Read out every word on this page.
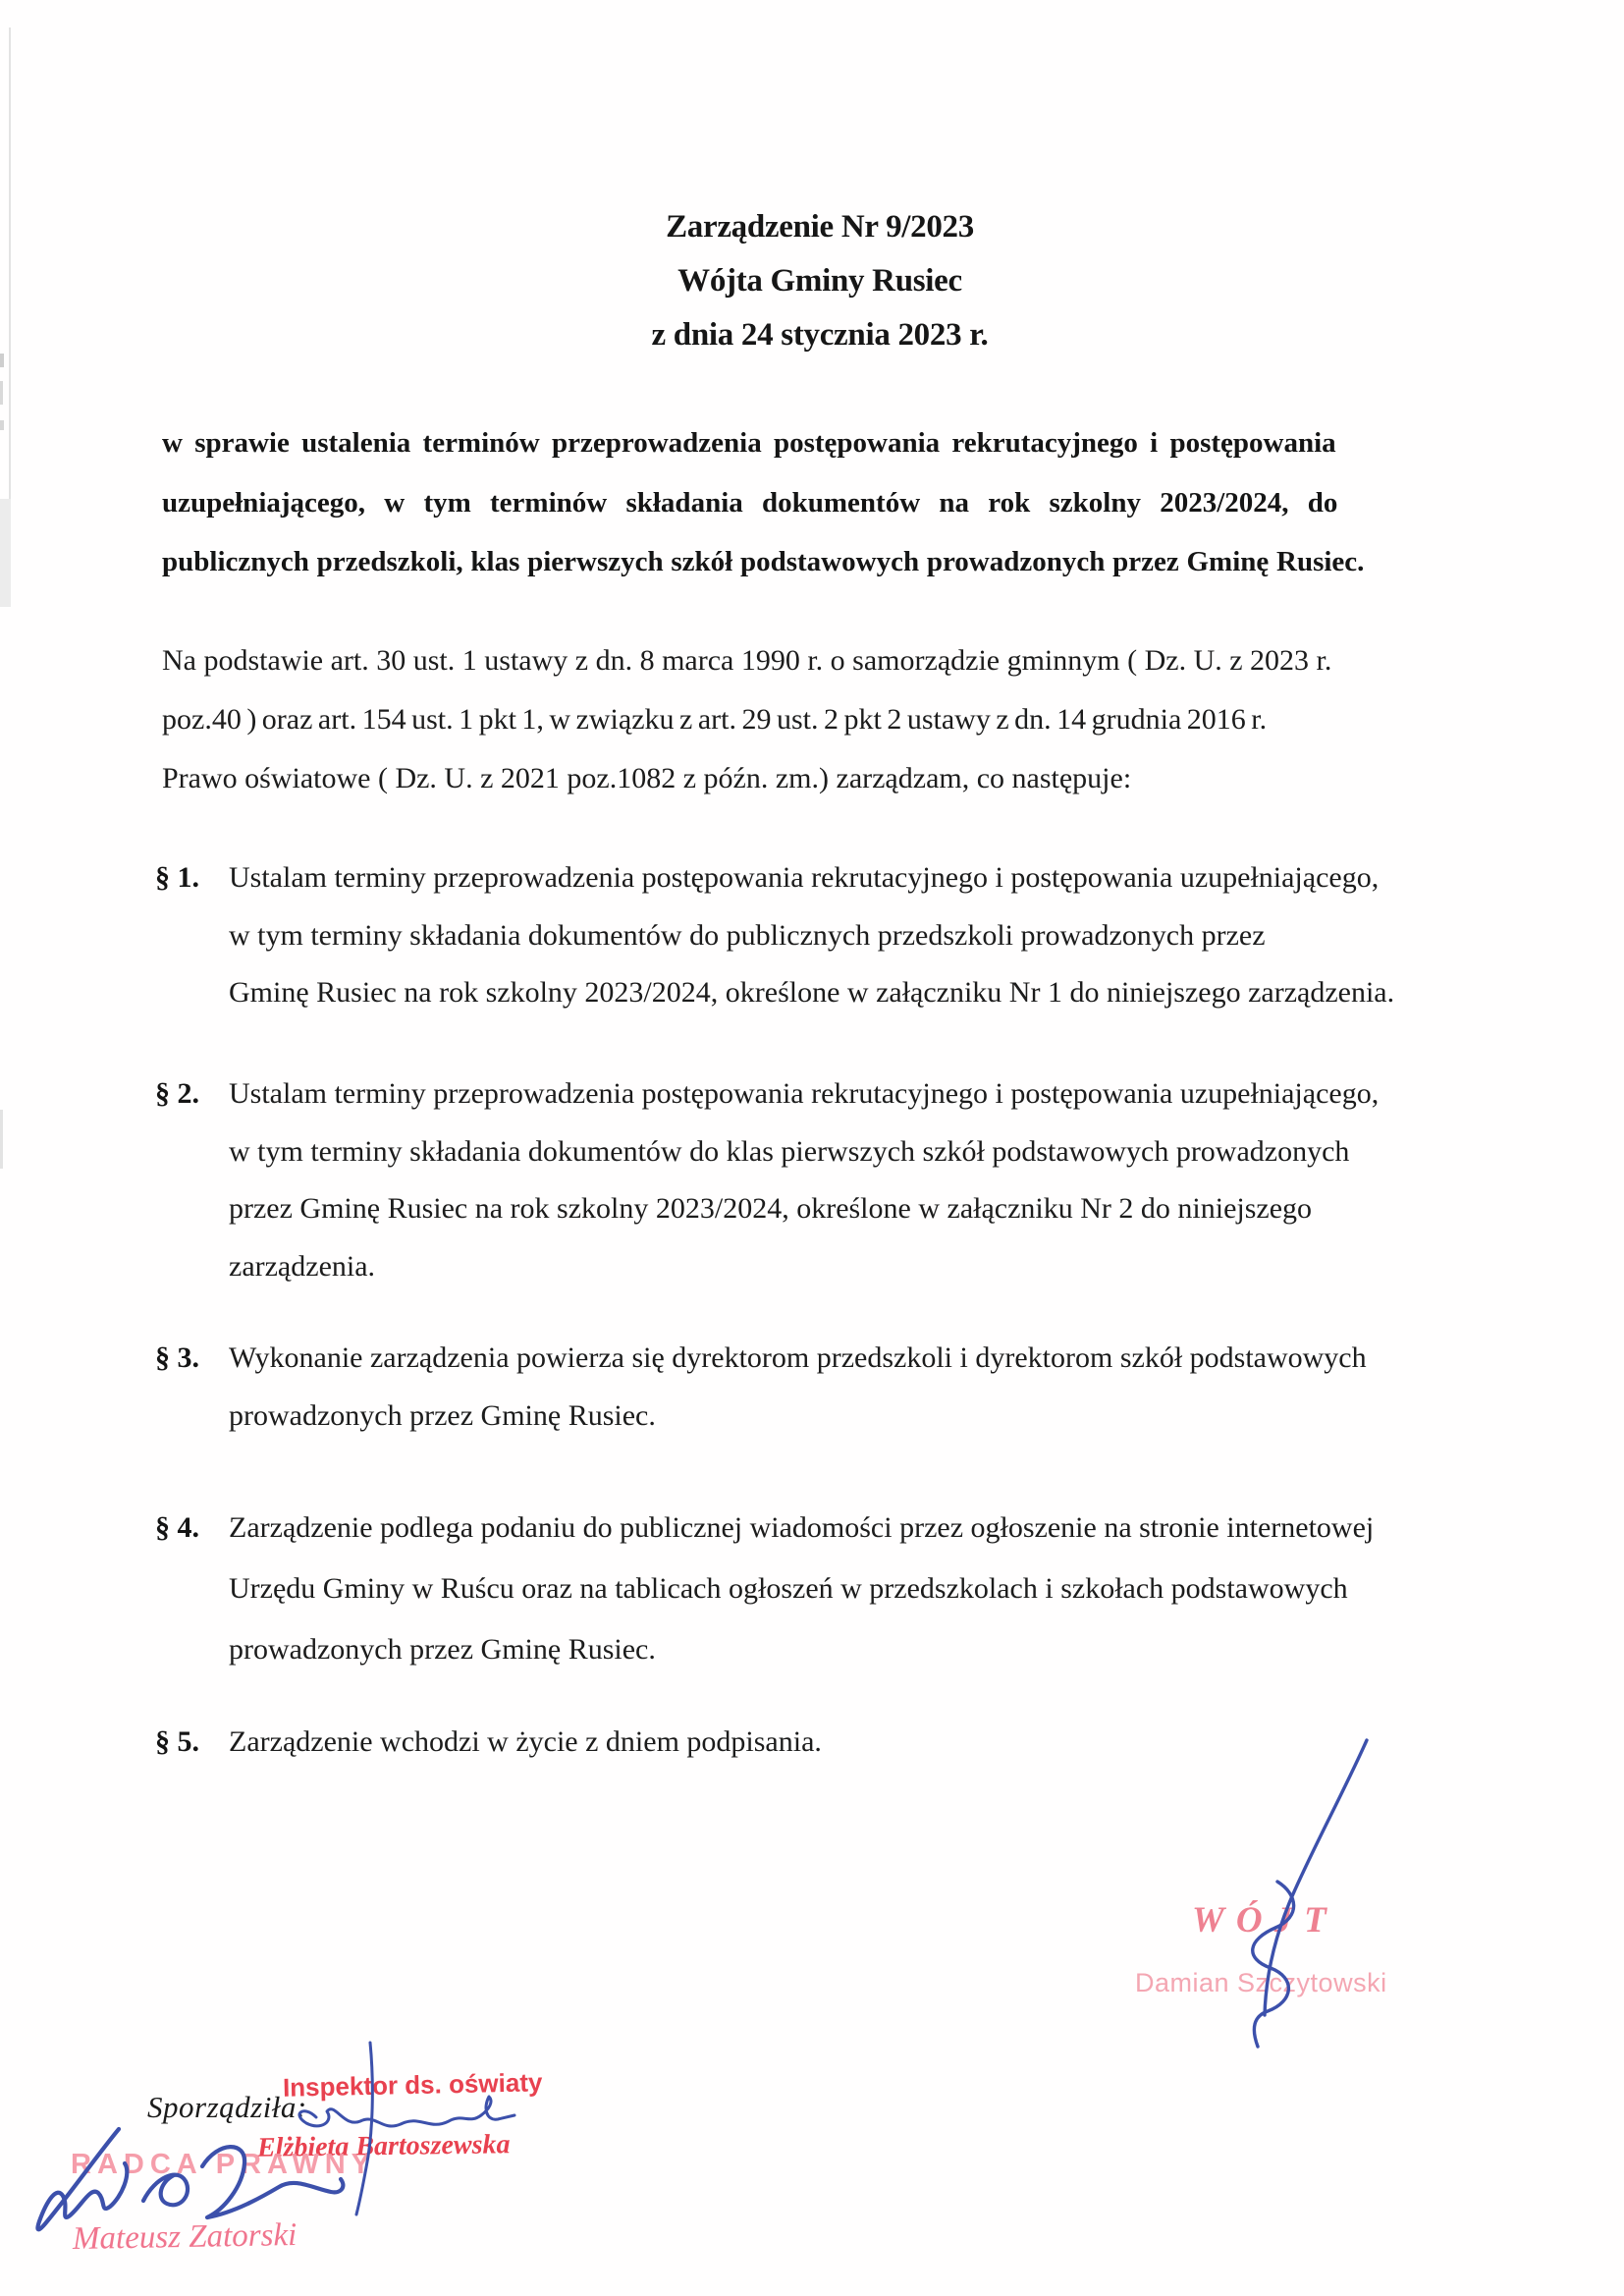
Zarządzenie Nr 9/2023
Wójta Gminy Rusiec
z dnia 24 stycznia 2023 r.
w sprawie ustalenia terminów przeprowadzenia postępowania rekrutacyjnego i postępowania
uzupełniającego, w tym terminów składania dokumentów na rok szkolny 2023/2024, do
publicznych przedszkoli, klas pierwszych szkół podstawowych prowadzonych przez Gminę Rusiec.
Na podstawie art. 30 ust. 1 ustawy z dn. 8 marca 1990 r. o samorządzie gminnym ( Dz. U. z 2023 r.
poz.40 ) oraz art. 154 ust. 1 pkt 1, w związku z art. 29 ust. 2 pkt 2 ustawy z dn. 14 grudnia 2016 r.
Prawo oświatowe ( Dz. U. z 2021 poz.1082 z późn. zm.) zarządzam, co następuje:
§ 1. Ustalam terminy przeprowadzenia postępowania rekrutacyjnego i postępowania uzupełniającego,
w tym terminy składania dokumentów do publicznych przedszkoli prowadzonych przez
Gminę Rusiec na rok szkolny 2023/2024, określone w załączniku Nr 1 do niniejszego zarządzenia.
§ 2. Ustalam terminy przeprowadzenia postępowania rekrutacyjnego i postępowania uzupełniającego,
w tym terminy składania dokumentów do klas pierwszych szkół podstawowych prowadzonych
przez Gminę Rusiec na rok szkolny 2023/2024, określone w załączniku Nr 2 do niniejszego
zarządzenia.
§ 3. Wykonanie zarządzenia powierza się dyrektorom przedszkoli i dyrektorom szkół podstawowych
prowadzonych przez Gminę Rusiec.
§ 4. Zarządzenie podlega podaniu do publicznej wiadomości przez ogłoszenie na stronie internetowej
Urzędu Gminy w Ruścu oraz na tablicach ogłoszeń w przedszkolach i szkołach podstawowych
prowadzonych przez Gminę Rusiec.
§ 5. Zarządzenie wchodzi w życie z dniem podpisania.
WÓJT
Damian Szczytowski
Inspektor ds. oświaty
Sporządziła:
Elżbieta Bartoszewska
RADCA PRAWNY
Mateusz Zatorski
